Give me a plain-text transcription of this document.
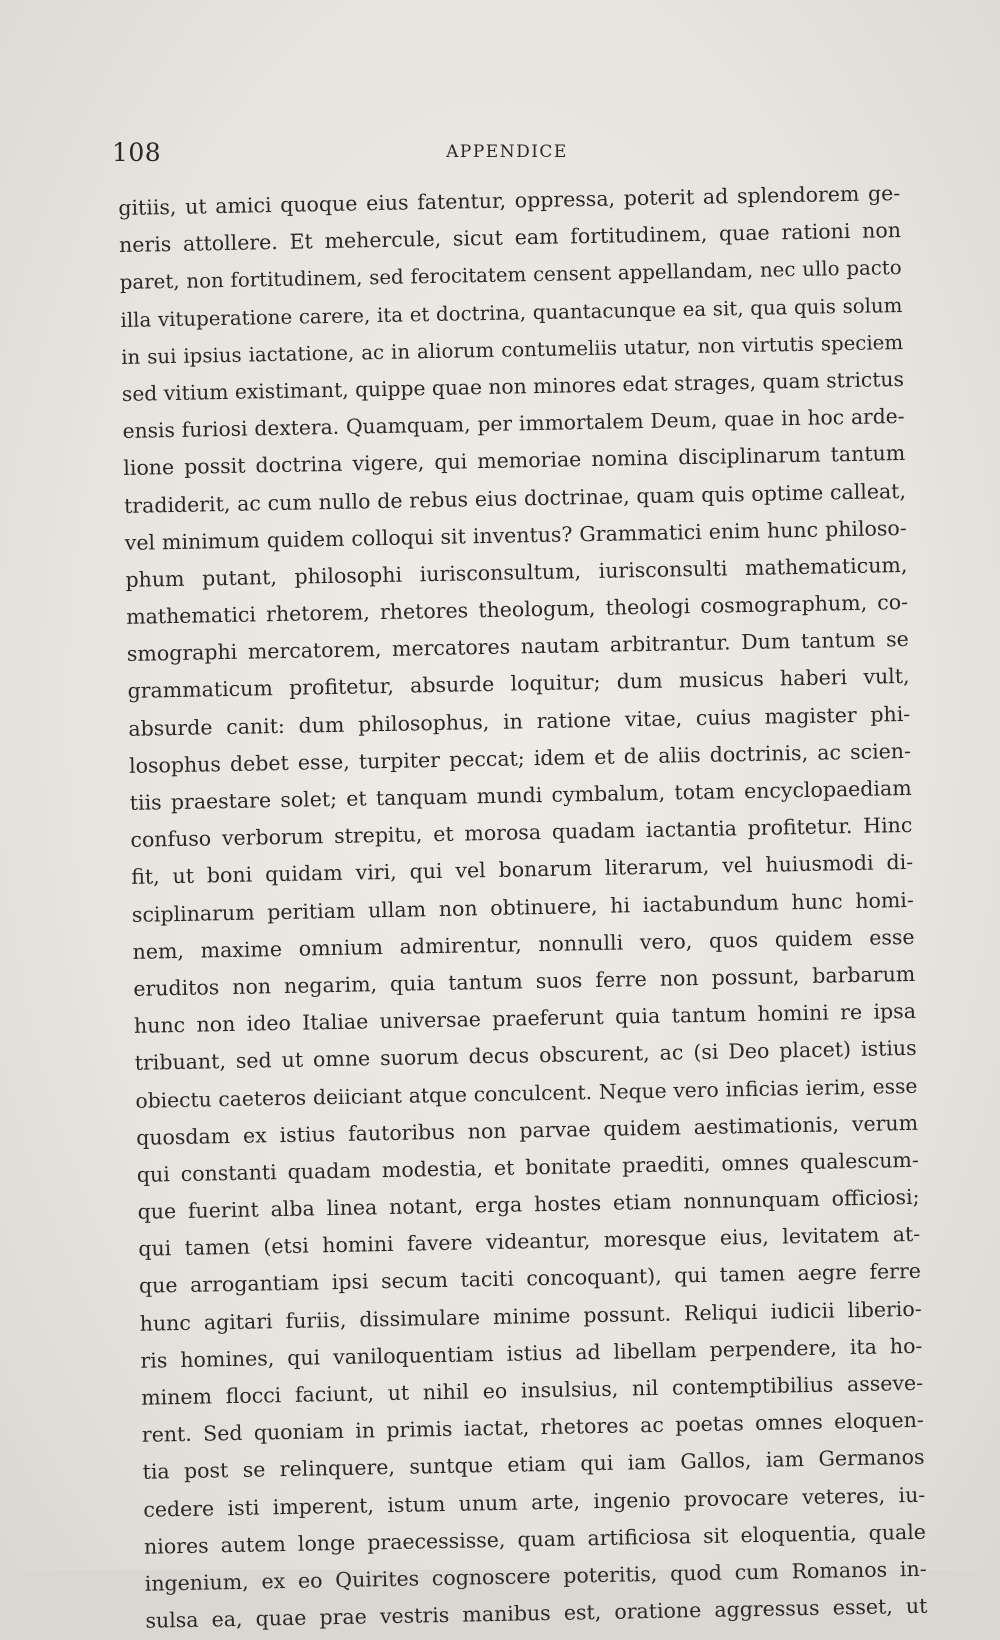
108	APPENDICE
gitiis, ut amici quoque eius fatentur, oppressa, poterit ad splendorem ge-
neris attollere. Et mehercule, sicut eam fortitudinem, quae rationi non
paret, non fortitudinem, sed ferocitatem censent appellandam, nec ullo pacto
illa vituperatione carere, ita et doctrina, quantacunque ea sit, qua quis solum
in sui ipsius iactatione, ac in aliorum contumeliis utatur, non virtutis speciem
sed vitium existimant, quippe quae non minores edat strages, quam strictus
ensis furiosi dextera. Quamquam, per immortalem Deum, quae in hoc arde-
lione possit doctrina vigere, qui memoriae nomina disciplinarum tantum
tradiderit, ac cum nullo de rebus eius doctrinae, quam quis optime calleat,
vel minimum quidem colloqui sit inventus? Grammatici enim hunc philoso-
phum putant, philosophi iurisconsultum, iurisconsulti mathematicum,
mathematici rhetorem, rhetores theologum, theologi cosmographum, co-
smographi mercatorem, mercatores nautam arbitrantur. Dum tantum se
grammaticum profitetur, absurde loquitur; dum musicus haberi vult,
absurde canit: dum philosophus, in ratione vitae, cuius magister phi-
losophus debet esse, turpiter peccat; idem et de aliis doctrinis, ac scien-
tiis praestare solet; et tanquam mundi cymbalum, totam encyclopaediam
confuso verborum strepitu, et morosa quadam iactantia profitetur. Hinc
fit, ut boni quidam viri, qui vel bonarum literarum, vel huiusmodi di-
sciplinarum peritiam ullam non obtinuere, hi iactabundum hunc homi-
nem, maxime omnium admirentur, nonnulli vero, quos quidem esse
eruditos non negarim, quia tantum suos ferre non possunt, barbarum
hunc non ideo Italiae universae praeferunt quia tantum homini re ipsa
tribuant, sed ut omne suorum decus obscurent, ac (si Deo placet) istius
obiectu caeteros deiiciant atque conculcent. Neque vero inficias ierim, esse
quosdam ex istius fautoribus non parvae quidem aestimationis, verum
qui constanti quadam modestia, et bonitate praediti, omnes qualescum-
que fuerint alba linea notant, erga hostes etiam nonnunquam officiosi;
qui tamen (etsi homini favere videantur, moresque eius, levitatem at-
que arrogantiam ipsi secum taciti concoquant), qui tamen aegre ferre
hunc agitari furiis, dissimulare minime possunt. Reliqui iudicii liberio-
ris homines, qui vaniloquentiam istius ad libellam perpendere, ita ho-
minem flocci faciunt, ut nihil eo insulsius, nil contemptibilius asseve-
rent. Sed quoniam in primis iactat, rhetores ac poetas omnes eloquen-
tia post se relinquere, suntque etiam qui iam Gallos, iam Germanos
cedere isti imperent, istum unum arte, ingenio provocare veteres, iu-
niores autem longe praecessisse, quam artificiosa sit eloquentia, quale
ingenium, ex eo Quirites cognoscere poteritis, quod cum Romanos in-
sulsa ea, quae prae vestris manibus est, oratione aggressus esset, ut
